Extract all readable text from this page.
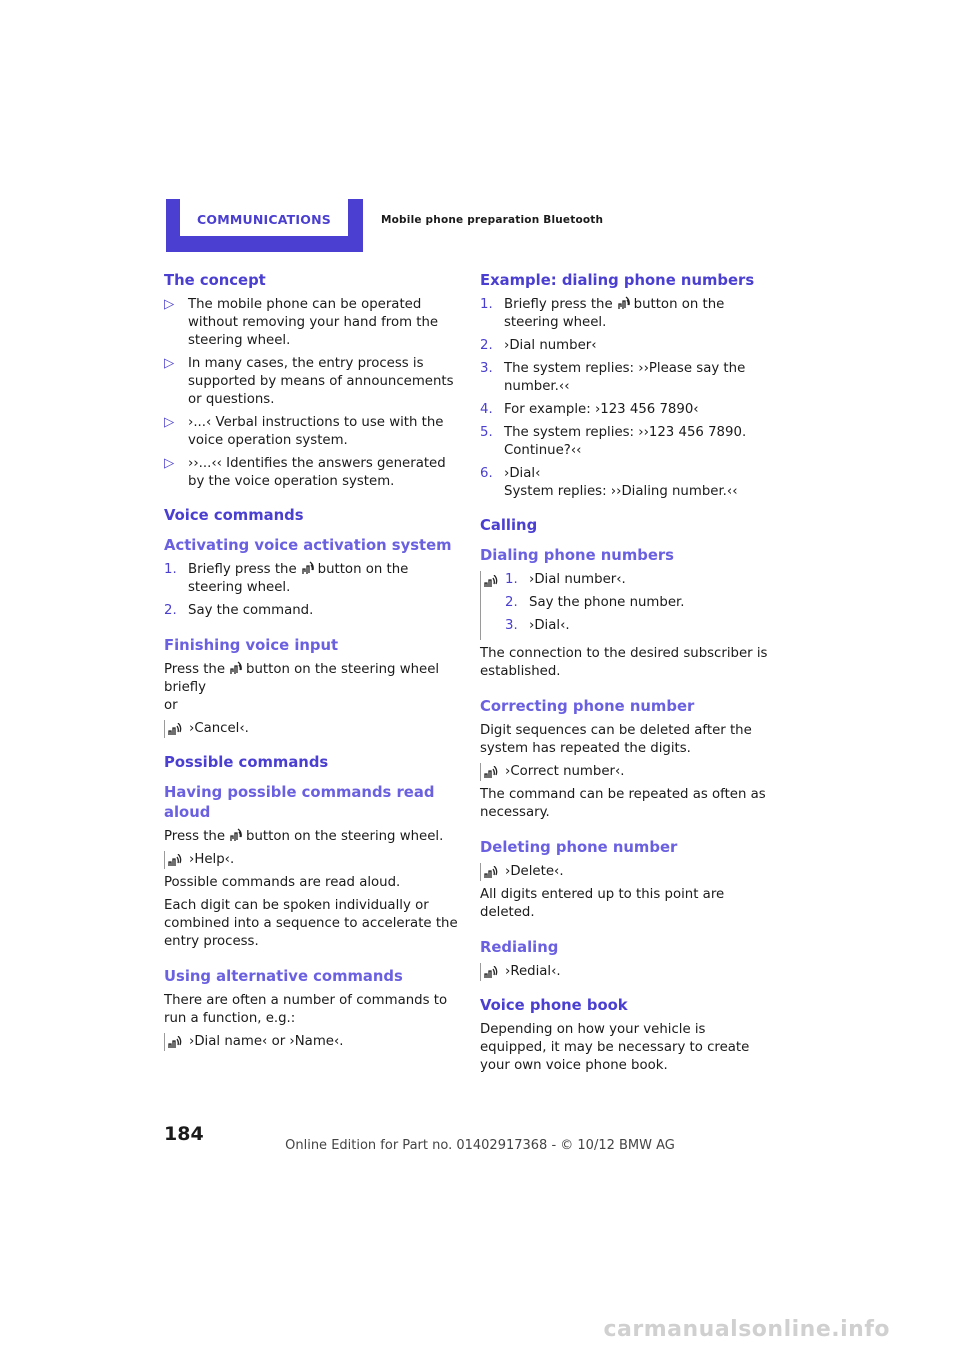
COMMUNICATIONS	Mobile phone preparation Bluetooth
The concept
▷	The mobile phone can be operated without removing your hand from the steering wheel.
▷	In many cases, the entry process is supported by means of announcements or questions.
▷	›...‹ Verbal instructions to use with the voice operation system.
▷	››...‹‹ Identifies the answers generated by the voice operation system.
Voice commands
Activating voice activation system
1. Briefly press the button on the steering wheel.
2. Say the command.
Finishing voice input

Press the button on the steering wheel briefly
or

›Cancel‹.
Possible commands
Having possible commands read aloud

Press the button on the steering wheel.

›Help‹.

Possible commands are read aloud.

Each digit can be spoken individually or combined into a sequence to accelerate the entry process.

Using alternative commands

There are often a number of commands to run a function, e.g.:

›Dial name‹ or ›Name‹.
Example: dialing phone numbers
1. Briefly press the button on the steering wheel.
2. ›Dial number‹
3. The system replies: ››Please say the number.‹‹
4. For example: ›123 456 7890‹
5. The system replies: ››123 456 7890. Continue?‹‹
6. ›Dial‹
System replies: ››Dialing number.‹‹
Calling
Dialing phone numbers
1. ›Dial number‹.
2. Say the phone number.
3. ›Dial‹.

The connection to the desired subscriber is established.

Correcting phone number

Digit sequences can be deleted after the system has repeated the digits.

›Correct number‹.

The command can be repeated as often as necessary.

Deleting phone number
›Delete‹.

All digits entered up to this point are deleted.

Redialing
›Redial‹.
Voice phone book

Depending on how your vehicle is equipped, it may be necessary to create your own voice phone book.

184
Online Edition for Part no. 01402917368 - © 10/12 BMW AG
carmanualsonline.info
